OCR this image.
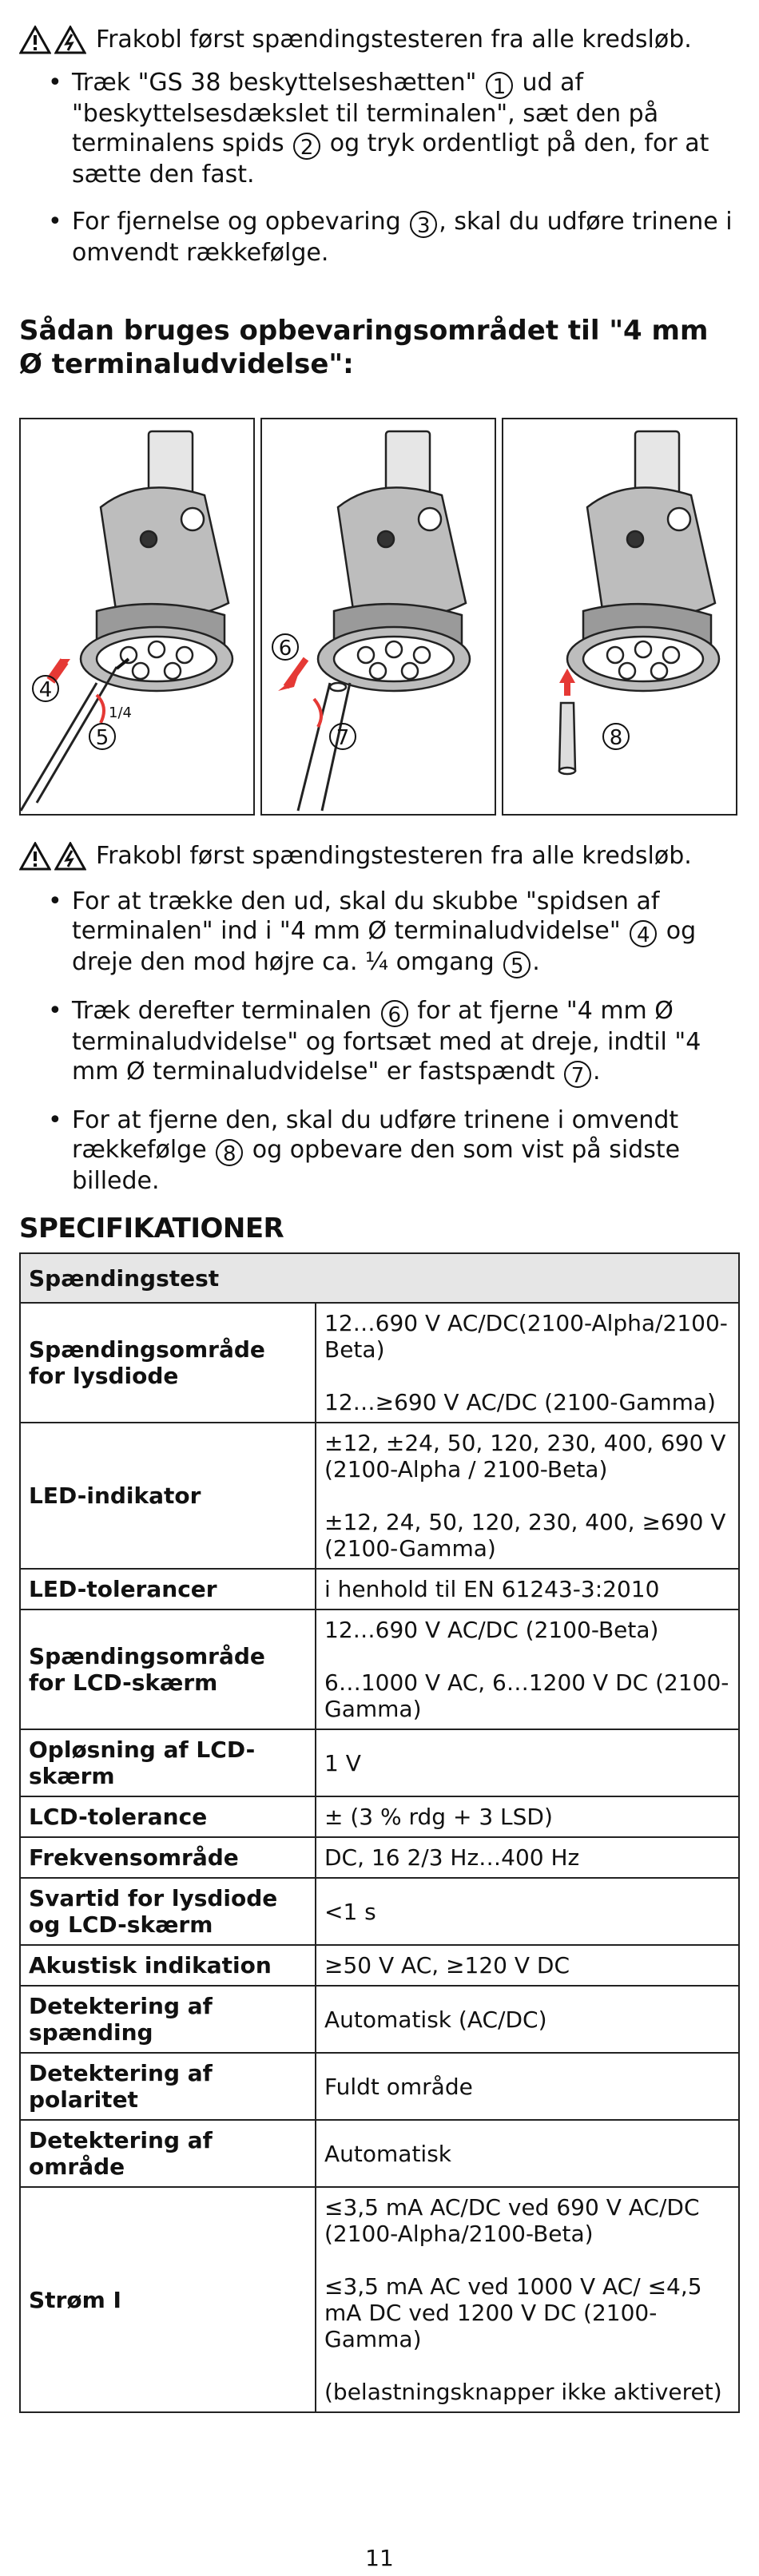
Frakobl først spændingstesteren fra alle kredsløb.
• Træk "GS 38 beskyttelseshætten" 1 ud af "beskyttelsesdækslet til terminalen", sæt den på terminalens spids 2 og tryk ordentligt på den, for at sætte den fast.
• For fjernelse og opbevaring 3 , skal du udføre trinene i omvendt rækkefølge.
Sådan bruges opbevaringsområdet til "4 mm Ø terminaludvidelse":
4
5
1/4
6
7	8
Frakobl først spændingstesteren fra alle kredsløb.
• For at trække den ud, skal du skubbe "spidsen af terminalen" ind i "4 mm Ø terminaludvidelse" 4 og dreje den mod højre ca. ¼ omgang 5 .
• Træk derefter terminalen 6 for at fjerne "4 mm Ø terminaludvidelse" og fortsæt med at dreje, indtil "4 mm Ø terminaludvidelse" er fastspændt 7 .
• For at fjerne den, skal du udføre trinene i omvendt rækkefølge 8 og opbevare den som vist på sidste billede.
SPECIFIKATIONER
Spændingstest	
Spændingsområde for lysdiode	12…690 V AC/DC(2100-Alpha/2100-Beta)

12…≥690 V AC/DC (2100-Gamma)

LED-indikator	±12, ±24, 50, 120, 230, 400, 690 V (2100-Alpha / 2100-Beta)

±12, 24, 50, 120, 230, 400, ≥690 V (2100-Gamma)

LED-tolerancer	i henhold til EN 61243-3:2010

Spændingsområde for LCD-skærm	12…690 V AC/DC (2100-Beta)

6…1000 V AC, 6…1200 V DC (2100-Gamma)

Opløsning af LCD-skærm	1 V

LCD-tolerance	± (3 % rdg + 3 LSD)

Frekvensområde	DC, 16 2/3 Hz…400 Hz

Svartid for lysdiode og LCD-skærm	<1 s

Akustisk indikation	≥50 V AC, ≥120 V DC

Detektering af spænding	Automatisk (AC/DC)

Detektering af polaritet	Fuldt område

Detektering af område	Automatisk

Strøm I	≤3,5 mA AC/DC ved 690 V AC/DC (2100-Alpha/2100-Beta)

≤3,5 mA AC ved 1000 V AC/ ≤4,5 mA DC ved 1200 V DC (2100-Gamma)

(belastningsknapper ikke aktiveret)

11
